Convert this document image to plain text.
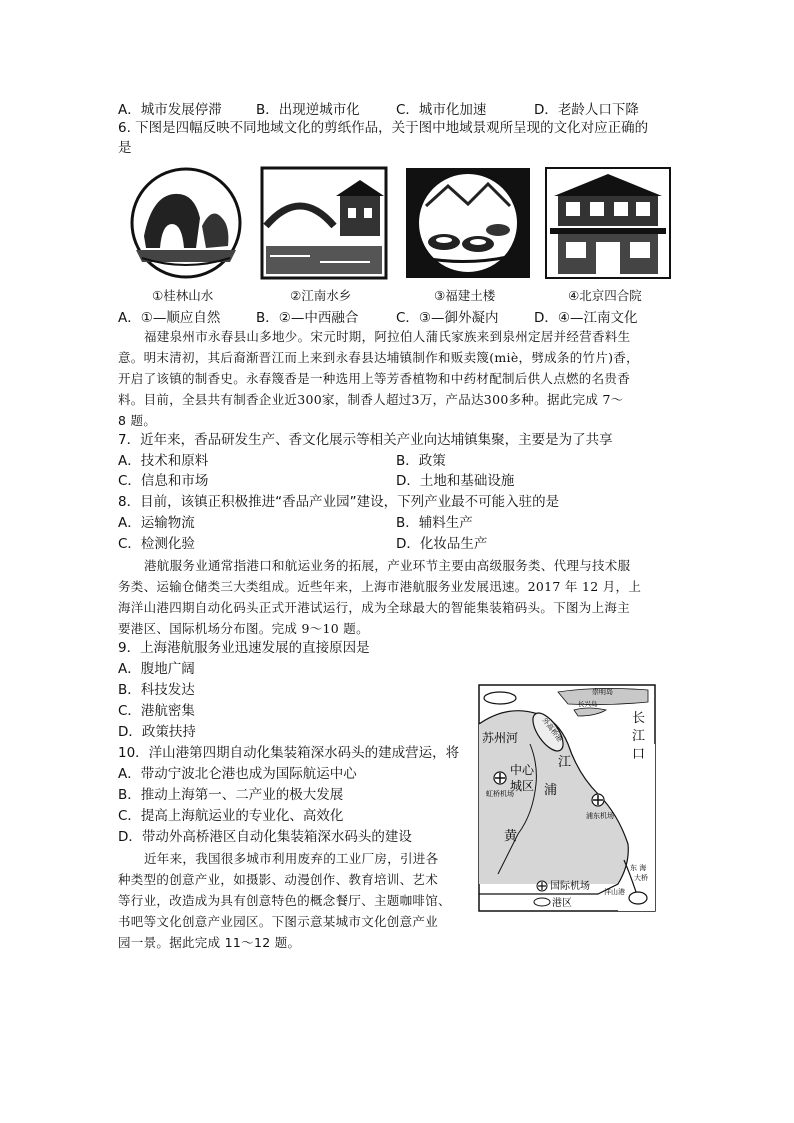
A．城市发展停滞	B．出现逆城市化	C．城市化加速	D．老龄人口下降
6. 下图是四幅反映不同地域文化的剪纸作品，关于图中地域景观所呈现的文化对应正确的
是
①桂林山水	②江南水乡	③福建土楼	④北京四合院
A．①—顺应自然	B．②—中西融合	C．③—御外凝内	D．④—江南文化
福建泉州市永春县山多地少。宋元时期，阿拉伯人蒲氏家族来到泉州定居并经营香料生
意。明末清初，其后裔渐晋江而上来到永春县达埔镇制作和贩卖篾(miè，劈成条的竹片)香，
开启了该镇的制香史。永春篾香是一种选用上等芳香植物和中药材配制后供人点燃的名贵香
料。目前，全县共有制香企业近300家，制香人超过3万，产品达300多种。据此完成 7～
8 题。
7．近年来，香品研发生产、香文化展示等相关产业向达埔镇集聚，主要是为了共享
A．技术和原料	B．政策
C．信息和市场	D．土地和基础设施
8．目前，该镇正积极推进“香品产业园”建设，下列产业最不可能入驻的是
A．运输物流	B．辅料生产
C．检测化验	D．化妆品生产
港航服务业通常指港口和航运业务的拓展，产业环节主要由高级服务类、代理与技术服
务类、运输仓储类三大类组成。近些年来，上海市港航服务业发展迅速。2017 年 12 月，上
海洋山港四期自动化码头正式开港试运行，成为全球最大的智能集装箱码头。下图为上海主
要港区、国际机场分布图。完成 9～10 题。
9．上海港航服务业迅速发展的直接原因是
A．腹地广阔
B．科技发达
C．港航密集
D．政策扶持
10．洋山港第四期自动化集装箱深水码头的建成营运，将
A．带动宁波北仑港也成为国际航运中心
B．推动上海第一、二产业的极大发展
C．提高上海航运业的专业化、高效化
D．带动外高桥港区自动化集装箱深水码头的建设
近年来，我国很多城市利用废弃的工业厂房，引进各
种类型的创意产业，如摄影、动漫创作、教育培训、艺术
等行业，改造成为具有创意特色的概念餐厅、主题咖啡馆、
书吧等文化创意产业园区。下图示意某城市文化创意产业
园一景。据此完成 11～12 题。
崇明岛
长兴岛
外高桥港	长
江
口
苏州河
中心
城区
江
浦
黄
虹桥机场
浦东机场
东 海
大桥
洋山港
国际机场
港区
